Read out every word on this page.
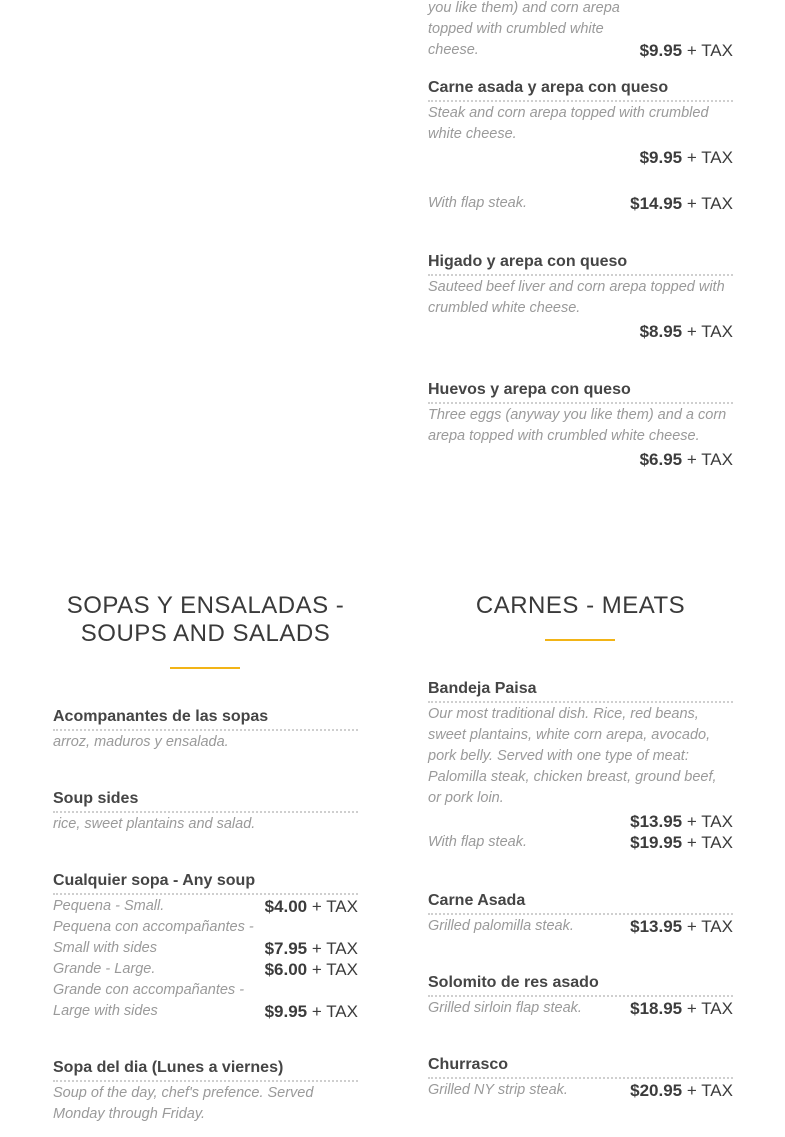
you like them) and corn arepa topped with crumbled white cheese.	$9.95 + TAX
Carne asada y arepa con queso
Steak and corn arepa topped with crumbled white cheese.
$9.95 + TAX
With flap steak.	$14.95 + TAX
Higado y arepa con queso
Sauteed beef liver and corn arepa topped with crumbled white cheese.
$8.95 + TAX
Huevos y arepa con queso
Three eggs (anyway you like them) and a corn arepa topped with crumbled white cheese.
$6.95 + TAX
SOPAS Y ENSALADAS - SOUPS AND SALADS
Acompanantes de las sopas
arroz, maduros y ensalada.
Soup sides
rice, sweet plantains and salad.
Cualquier sopa - Any soup
Pequena - Small.	$4.00 + TAX
Pequena con accompañantes - Small with sides	$7.95 + TAX
Grande - Large.	$6.00 + TAX
Grande con accompañantes - Large with sides	$9.95 + TAX
Sopa del dia (Lunes a viernes)
Soup of the day, chef's prefence. Served Monday through Friday.
CARNES - MEATS
Bandeja Paisa
Our most traditional dish. Rice, red beans, sweet plantains, white corn arepa, avocado, pork belly. Served with one type of meat: Palomilla steak, chicken breast, ground beef, or pork loin.
$13.95 + TAX
With flap steak.	$19.95 + TAX
Carne Asada
Grilled palomilla steak.	$13.95 + TAX
Solomito de res asado
Grilled sirloin flap steak.	$18.95 + TAX
Churrasco
Grilled NY strip steak.	$20.95 + TAX
